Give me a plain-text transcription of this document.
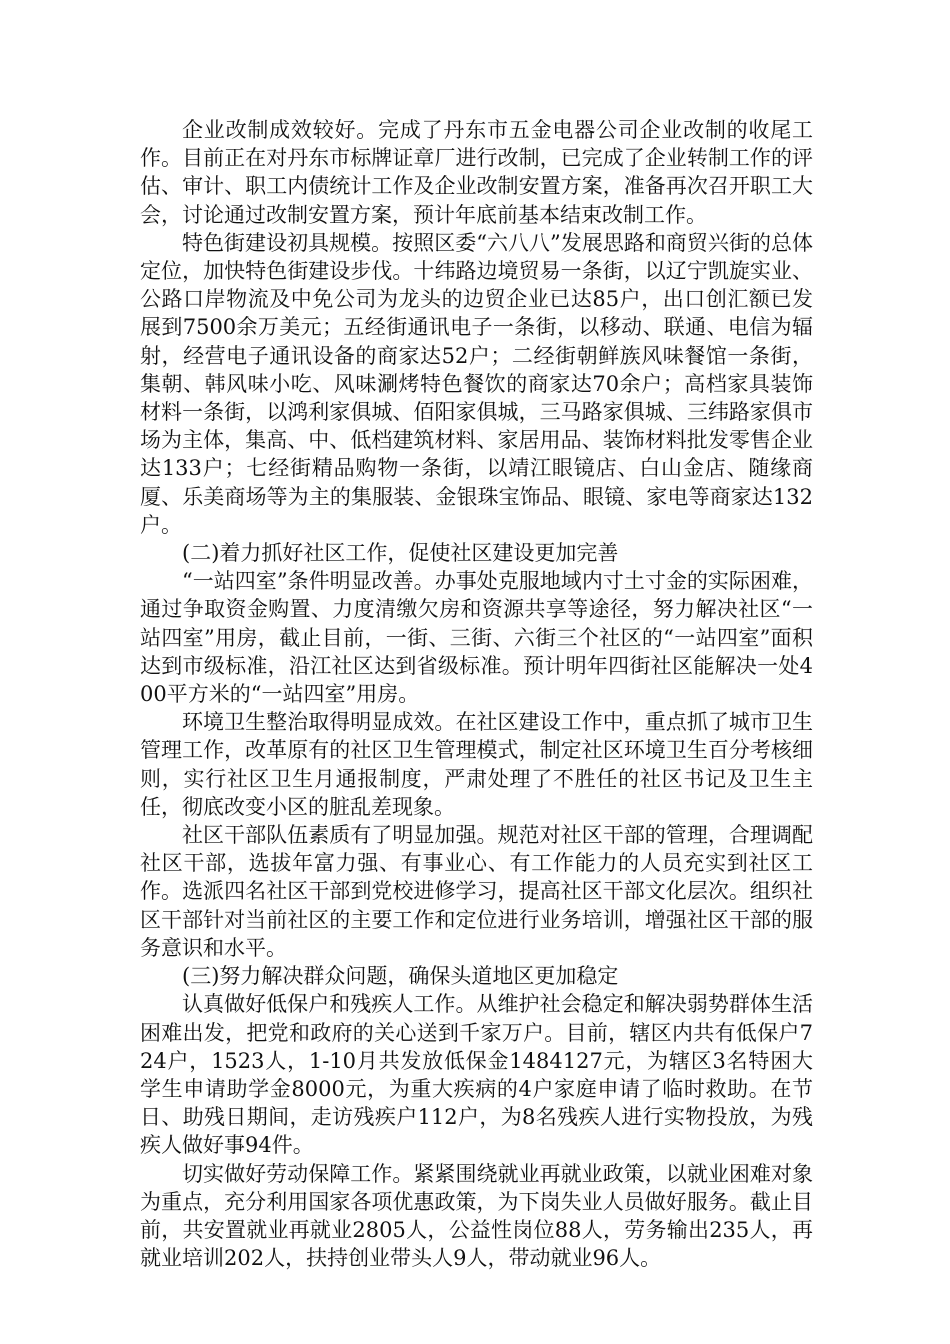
企业改制成效较好。完成了丹东市五金电器公司企业改制的收尾工作。目前正在对丹东市标牌证章厂进行改制，已完成了企业转制工作的评估、审计、职工内债统计工作及企业改制安置方案，准备再次召开职工大会，讨论通过改制安置方案，预计年底前基本结束改制工作。

特色街建设初具规模。按照区委“六八八”发展思路和商贸兴街的总体定位，加快特色街建设步伐。十纬路边境贸易一条街，以辽宁凯旋实业、公路口岸物流及中免公司为龙头的边贸企业已达85户，出口创汇额已发展到7500余万美元；五经街通讯电子一条街，以移动、联通、电信为辐射，经营电子通讯设备的商家达52户；二经街朝鲜族风味餐馆一条街，集朝、韩风味小吃、风味涮烤特色餐饮的商家达70余户；高档家具装饰材料一条街，以鸿利家俱城、佰阳家俱城，三马路家俱城、三纬路家俱市场为主体，集高、中、低档建筑材料、家居用品、装饰材料批发零售企业达133户；七经街精品购物一条街，以靖江眼镜店、白山金店、随缘商厦、乐美商场等为主的集服装、金银珠宝饰品、眼镜、家电等商家达132户。

(二)着力抓好社区工作，促使社区建设更加完善

“一站四室”条件明显改善。办事处克服地域内寸土寸金的实际困难，通过争取资金购置、力度清缴欠房和资源共享等途径，努力解决社区“一站四室”用房，截止目前，一街、三街、六街三个社区的“一站四室”面积达到市级标准，沿江社区达到省级标准。预计明年四街社区能解决一处400平方米的“一站四室”用房。

环境卫生整治取得明显成效。在社区建设工作中，重点抓了城市卫生管理工作，改革原有的社区卫生管理模式，制定社区环境卫生百分考核细则，实行社区卫生月通报制度，严肃处理了不胜任的社区书记及卫生主任，彻底改变小区的脏乱差现象。

社区干部队伍素质有了明显加强。规范对社区干部的管理，合理调配社区干部，选拔年富力强、有事业心、有工作能力的人员充实到社区工作。选派四名社区干部到党校进修学习，提高社区干部文化层次。组织社区干部针对当前社区的主要工作和定位进行业务培训，增强社区干部的服务意识和水平。

(三)努力解决群众问题，确保头道地区更加稳定

认真做好低保户和残疾人工作。从维护社会稳定和解决弱势群体生活困难出发，把党和政府的关心送到千家万户。目前，辖区内共有低保户724户，1523人，1-10月共发放低保金1484127元，为辖区3名特困大学生申请助学金8000元，为重大疾病的4户家庭申请了临时救助。在节日、助残日期间，走访残疾户112户，为8名残疾人进行实物投放，为残疾人做好事94件。

切实做好劳动保障工作。紧紧围绕就业再就业政策，以就业困难对象为重点，充分利用国家各项优惠政策，为下岗失业人员做好服务。截止目前，共安置就业再就业2805人，公益性岗位88人，劳务输出235人，再就业培训202人，扶持创业带头人9人，带动就业96人。
